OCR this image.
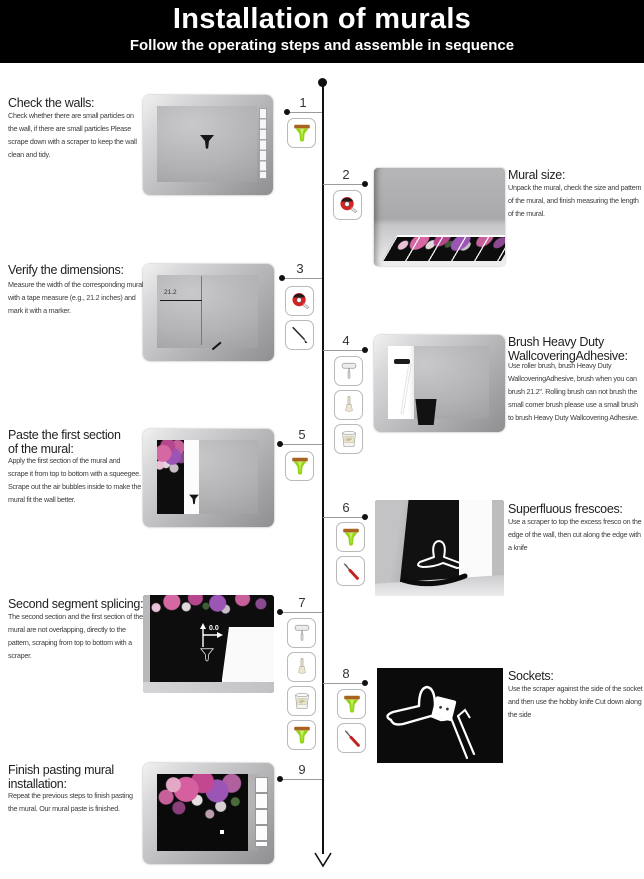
Installation of murals
Follow the operating steps and assemble in sequence
Check the walls:

Check whether there are small particles on the wall, if there are small particles Please scrape down with a scraper to keep the wall clean and tidy.

1
2	Mural size:

Unpack the mural, check the size and pattern of the mural, and finish measuring the length of the mural.

Verify the dimensions:

Measure the width of the corresponding mural with a tape measure (e.g., 21.2 inches) and mark it with a marker.

21.2
3
4	Brush Heavy Duty WallcoveringAdhesive:

Use roller brush, brush Heavy Duty WallcoveringAdhesive, brush when you can brush 21.2". Rolling brush can not brush the small corner brush please use a small brush to brush Heavy Duty Wallcovering Adhesive.

Paste the first section of the mural:

Apply the first section of the mural and scrape it from top to bottom with a squeegee. Scrape out the air bubbles inside to make the mural fit the wall better.

5
6	Superfluous frescoes:

Use a scraper to top the excess fresco on the edge of the wall, then cut along the edge with a knife

Second segment splicing:

The second section and the first section of the mural are not overlapping, directly to the pattern, scraping from top to bottom with a scraper.

0.0
7
8	Sockets:

Use the scraper against the side of the socket and then use the hobby knife Cut down along the side

Finish pasting mural installation:

Repeat the previous steps to finish pasting the mural. Our mural paste is finished.

9
